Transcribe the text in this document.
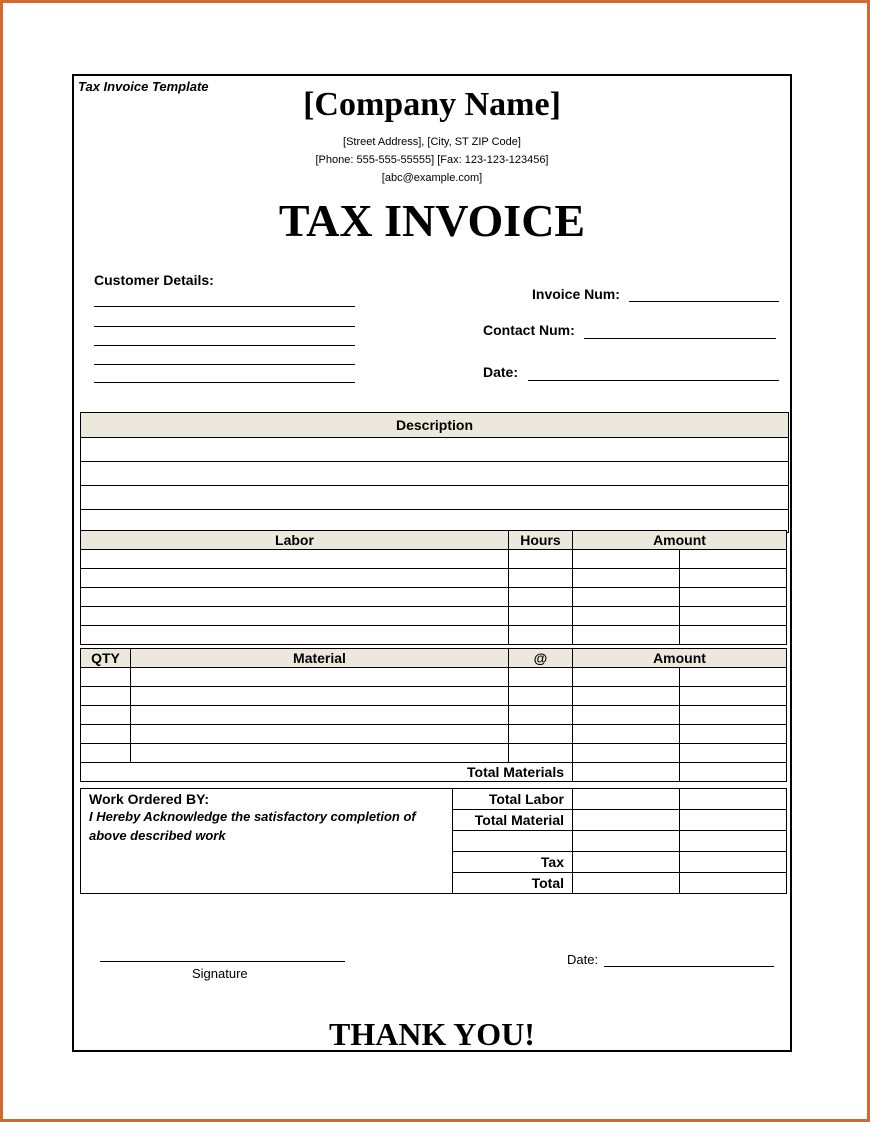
Tax Invoice Template	[Company Name]
[Street Address], [City, ST ZIP Code]
[Phone: 555-555-55555] [Fax: 123-123-123456]
[abc@example.com]
TAX INVOICE
Customer Details:
Invoice Num:
Contact Num:
Date:
Description

Labor	Hours	Amount	

QTY	Material	@	Amount	

Total Materials				
Work Ordered BY:
I Hereby Acknowledge the satisfactory completion of above described work	Total Labor		
	Total Material		

	Tax		
	Total		
Signature
Date:
THANK YOU!
